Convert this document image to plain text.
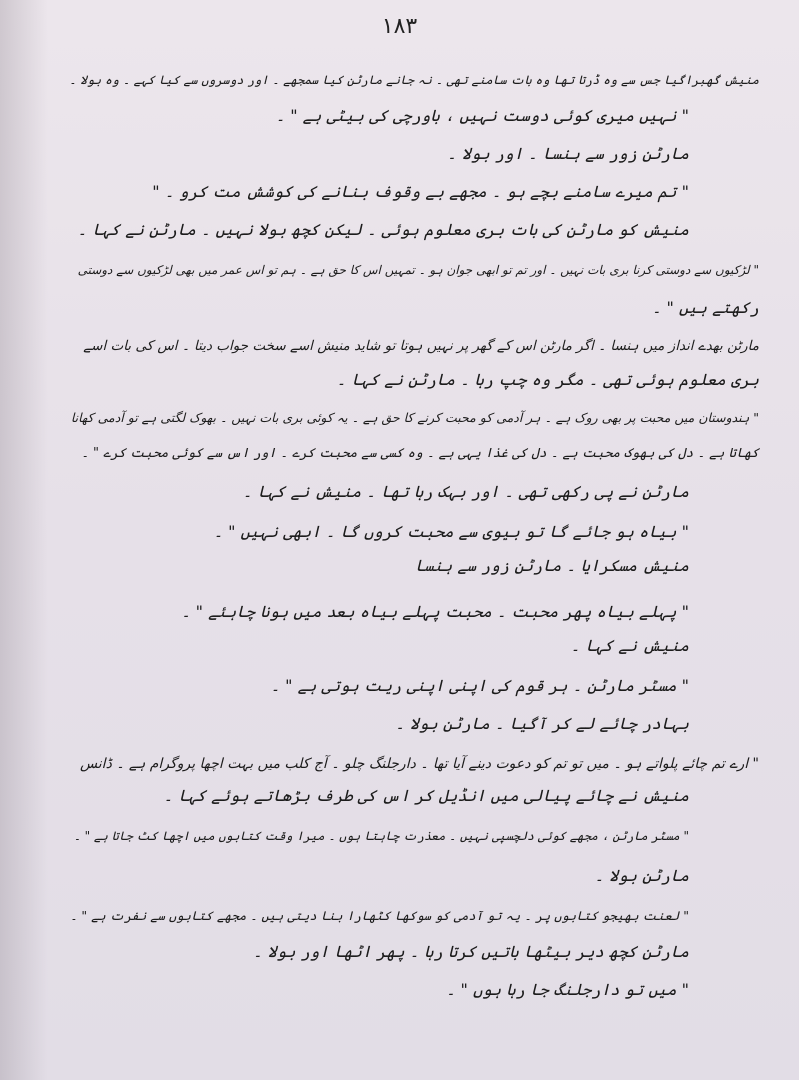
۱۸۳
منیش گھبراگیا جس سے وہ ڈرتا تھا وہ بات سامنے تھی ۔ نہ جانے مارٹن کیا سمجھے ۔ اور دوسروں سے کیا کہے ۔ وہ بولا ۔
" نہیں میری کوئی دوست نہیں ، باورچی کی بیٹی ہے " ۔
مارٹن زور سے ہنسا ۔ اور بولا ۔
" تم میرے سامنے بچے ہو ۔ مجھے بے وقوف بنانے کی کوشش مت کرو ۔ "
منیش کو مارٹن کی بات بری معلوم ہوئی ۔ لیکن کچھ بولا نہیں ۔ مارٹن نے کہا ۔
" لڑکیوں سے دوستی کرنا بری بات نہیں ۔ اور تم تو ابھی جوان ہو ۔ تمہیں اس کا حق ہے ۔ ہم تو اس عمر میں بھی لڑکیوں سے دوستی
رکھتے ہیں " ۔
مارٹن بھدے انداز میں ہنسا ۔ اگر مارٹن اس کے گھر پر نہیں ہوتا تو شاید منیش اسے سخت جواب دیتا ۔ اس کی بات اسے
بری معلوم ہوئی تھی ۔ مگر وہ چپ رہا ۔ مارٹن نے کہا ۔
" ہندوستان میں محبت پر بھی روک ہے ۔ ہر آدمی کو محبت کرنے کا حق ہے ۔ یہ کوئی بری بات نہیں ۔ بھوک لگتی ہے تو آدمی کھانا
کھاتا ہے ۔ دل کی بھوک محبت ہے ۔ دل کی غذا یہی ہے ۔ وہ کسی سے محبت کرے ۔ اور اس سے کوئی محبت کرے " ۔
مارٹن نے پی رکھی تھی ۔ اور بہک رہا تھا ۔ منیش نے کہا ۔
" بیاہ ہو جائے گا تو بیوی سے محبت کروں گا ۔ ابھی نہیں " ۔
منیش مسکرایا ۔ مارٹن زور سے ہنسا
" پہلے بیاہ پھر محبت ۔ محبت پہلے بیاہ بعد میں ہونا چاہئے " ۔
منیش نے کہا ۔
" مسٹر مارٹن ۔ ہر قوم کی اپنی اپنی ریت ہوتی ہے " ۔
بہادر چائے لے کر آگیا ۔ مارٹن بولا ۔
" ارے تم چائے پلواتے ہو ۔ میں تو تم کو دعوت دینے آیا تھا ۔ دارجلنگ چلو ۔ آج کلب میں بہت اچھا پروگرام ہے ۔ ڈانس
منیش نے چائے پیالی میں انڈیل کر اس کی طرف بڑھاتے ہوئے کہا ۔
" مسٹر مارٹن ، مجھے کوئی دلچسپی نہیں ۔ معذرت چاہتا ہوں ۔ میرا وقت کتابوں میں اچھا کٹ جاتا ہے " ۔
مارٹن بولا ۔
" لعنت بھیجو کتابوں پر ۔ یہ تو آدمی کو سوکھا کٹھارا بنا دیتی ہیں ۔ مجھے کتابوں سے نفرت ہے " ۔
مارٹن کچھ دیر بیٹھا باتیں کرتا رہا ۔ پھر اٹھا اور بولا ۔
" میں تو دارجلنگ جا رہا ہوں " ۔
